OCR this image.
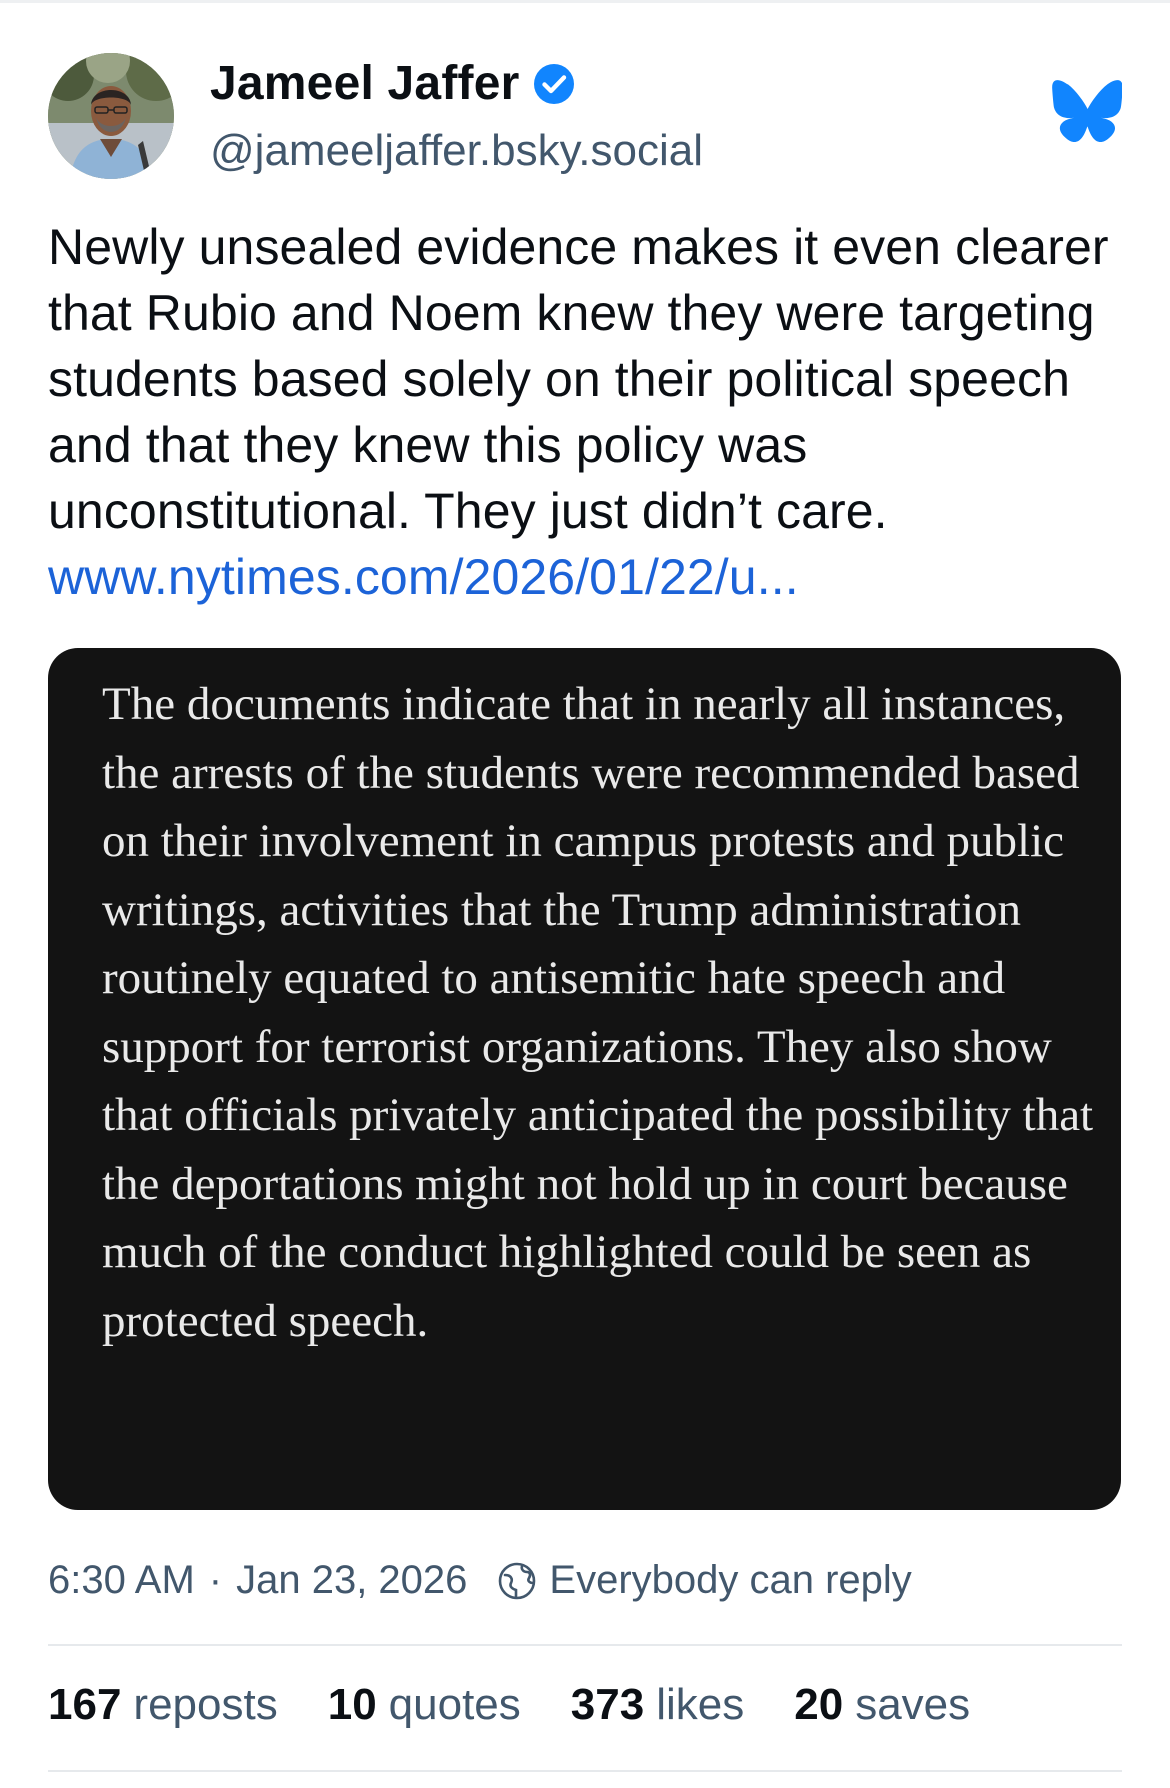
Jameel Jaffer
@jameeljaffer.bsky.social
Newly unsealed evidence makes it even clearer that Rubio and Noem knew they were targeting students based solely on their political speech and that they knew this policy was unconstitutional. They just didn’t care. www.nytimes.com/2026/01/22/u...

The documents indicate that in nearly all instances, the arrests of the students were recommended based on their involvement in campus protests and public writings, activities that the Trump administration routinely equated to antisemitic hate speech and support for terrorist organizations. They also show that officials privately anticipated the possibility that the deportations might not hold up in court because much of the conduct highlighted could be seen as protected speech.

6:30 AM · Jan 23, 2026 Everybody can reply
167 reposts 10 quotes 373 likes 20 saves
